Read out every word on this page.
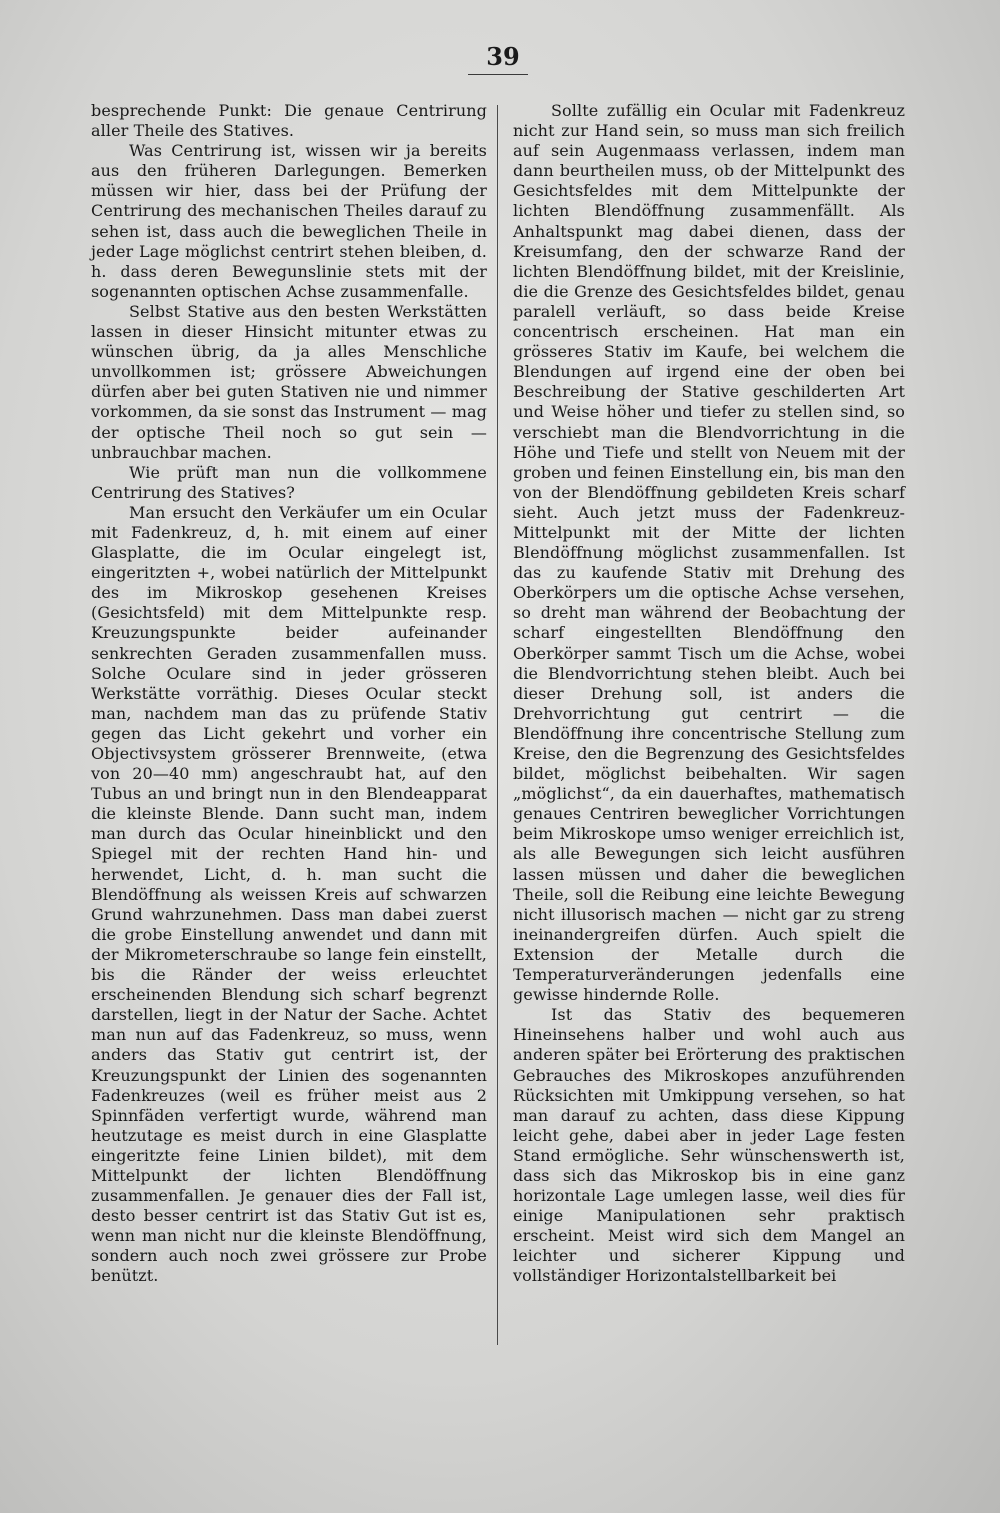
39

besprechende Punkt: Die genaue Centrirung aller Theile des Statives.

Was Centrirung ist, wissen wir ja bereits aus den früheren Darlegungen. Bemerken müssen wir hier, dass bei der Prüfung der Centrirung des mechanischen Theiles darauf zu sehen ist, dass auch die beweglichen Theile in jeder Lage möglichst centrirt stehen bleiben, d. h. dass deren Bewegunslinie stets mit der sogenannten optischen Achse zusammenfalle.

Selbst Stative aus den besten Werkstätten lassen in dieser Hinsicht mitunter etwas zu wünschen übrig, da ja alles Menschliche unvollkommen ist; grössere Abweichungen dürfen aber bei guten Stativen nie und nimmer vorkommen, da sie sonst das Instrument — mag der optische Theil noch so gut sein — unbrauchbar machen.

Wie prüft man nun die vollkommene Centrirung des Statives?

Man ersucht den Verkäufer um ein Ocular mit Fadenkreuz, d, h. mit einem auf einer Glasplatte, die im Ocular eingelegt ist, eingeritzten +, wobei natürlich der Mittelpunkt des im Mikroskop gesehenen Kreises (Gesichtsfeld) mit dem Mittelpunkte resp. Kreuzungspunkte beider aufeinander senkrechten Geraden zusammenfallen muss. Solche Oculare sind in jeder grösseren Werkstätte vorräthig. Dieses Ocular steckt man, nachdem man das zu prüfende Stativ gegen das Licht gekehrt und vorher ein Objectivsystem grösserer Brennweite, (etwa von 20—40 mm) angeschraubt hat, auf den Tubus an und bringt nun in den Blendeapparat die kleinste Blende. Dann sucht man, indem man durch das Ocular hineinblickt und den Spiegel mit der rechten Hand hin- und herwendet, Licht, d. h. man sucht die Blendöffnung als weissen Kreis auf schwarzen Grund wahrzunehmen. Dass man dabei zuerst die grobe Einstellung anwendet und dann mit der Mikrometerschraube so lange fein einstellt, bis die Ränder der weiss erleuchtet erscheinenden Blendung sich scharf begrenzt darstellen, liegt in der Natur der Sache. Achtet man nun auf das Fadenkreuz, so muss, wenn anders das Stativ gut centrirt ist, der Kreuzungspunkt der Linien des sogenannten Fadenkreuzes (weil es früher meist aus 2 Spinnfäden verfertigt wurde, während man heutzutage es meist durch in eine Glasplatte eingeritzte feine Linien bildet), mit dem Mittelpunkt der lichten Blendöffnung zusammenfallen. Je genauer dies der Fall ist, desto besser centrirt ist das Stativ Gut ist es, wenn man nicht nur die kleinste Blendöffnung, sondern auch noch zwei grössere zur Probe benützt.

Sollte zufällig ein Ocular mit Fadenkreuz nicht zur Hand sein, so muss man sich freilich auf sein Augenmaass verlassen, indem man dann beurtheilen muss, ob der Mittelpunkt des Gesichtsfeldes mit dem Mittelpunkte der lichten Blendöffnung zusammenfällt. Als Anhaltspunkt mag dabei dienen, dass der Kreisumfang, den der schwarze Rand der lichten Blendöffnung bildet, mit der Kreislinie, die die Grenze des Gesichtsfeldes bildet, genau paralell verläuft, so dass beide Kreise concentrisch erscheinen. Hat man ein grösseres Stativ im Kaufe, bei welchem die Blendungen auf irgend eine der oben bei Beschreibung der Stative geschilderten Art und Weise höher und tiefer zu stellen sind, so verschiebt man die Blendvorrichtung in die Höhe und Tiefe und stellt von Neuem mit der groben und feinen Einstellung ein, bis man den von der Blendöffnung gebildeten Kreis scharf sieht. Auch jetzt muss der Fadenkreuz-Mittelpunkt mit der Mitte der lichten Blendöffnung möglichst zusammenfallen. Ist das zu kaufende Stativ mit Drehung des Oberkörpers um die optische Achse versehen, so dreht man während der Beobachtung der scharf eingestellten Blendöffnung den Oberkörper sammt Tisch um die Achse, wobei die Blendvorrichtung stehen bleibt. Auch bei dieser Drehung soll, ist anders die Drehvorrichtung gut centrirt — die Blendöffnung ihre concentrische Stellung zum Kreise, den die Begrenzung des Gesichtsfeldes bildet, möglichst beibehalten. Wir sagen „möglichst“, da ein dauerhaftes, mathematisch genaues Centriren beweglicher Vorrichtungen beim Mikroskope umso weniger erreichlich ist, als alle Bewegungen sich leicht ausführen lassen müssen und daher die beweglichen Theile, soll die Reibung eine leichte Bewegung nicht illusorisch machen — nicht gar zu streng ineinandergreifen dürfen. Auch spielt die Extension der Metalle durch die Temperaturveränderungen jedenfalls eine gewisse hindernde Rolle.

Ist das Stativ des bequemeren Hineinsehens halber und wohl auch aus anderen später bei Erörterung des praktischen Gebrauches des Mikroskopes anzuführenden Rücksichten mit Umkippung versehen, so hat man darauf zu achten, dass diese Kippung leicht gehe, dabei aber in jeder Lage festen Stand ermögliche. Sehr wünschenswerth ist, dass sich das Mikroskop bis in eine ganz horizontale Lage umlegen lasse, weil dies für einige Manipulationen sehr praktisch erscheint. Meist wird sich dem Mangel an leichter und sicherer Kippung und vollständiger Horizontalstellbarkeit bei
